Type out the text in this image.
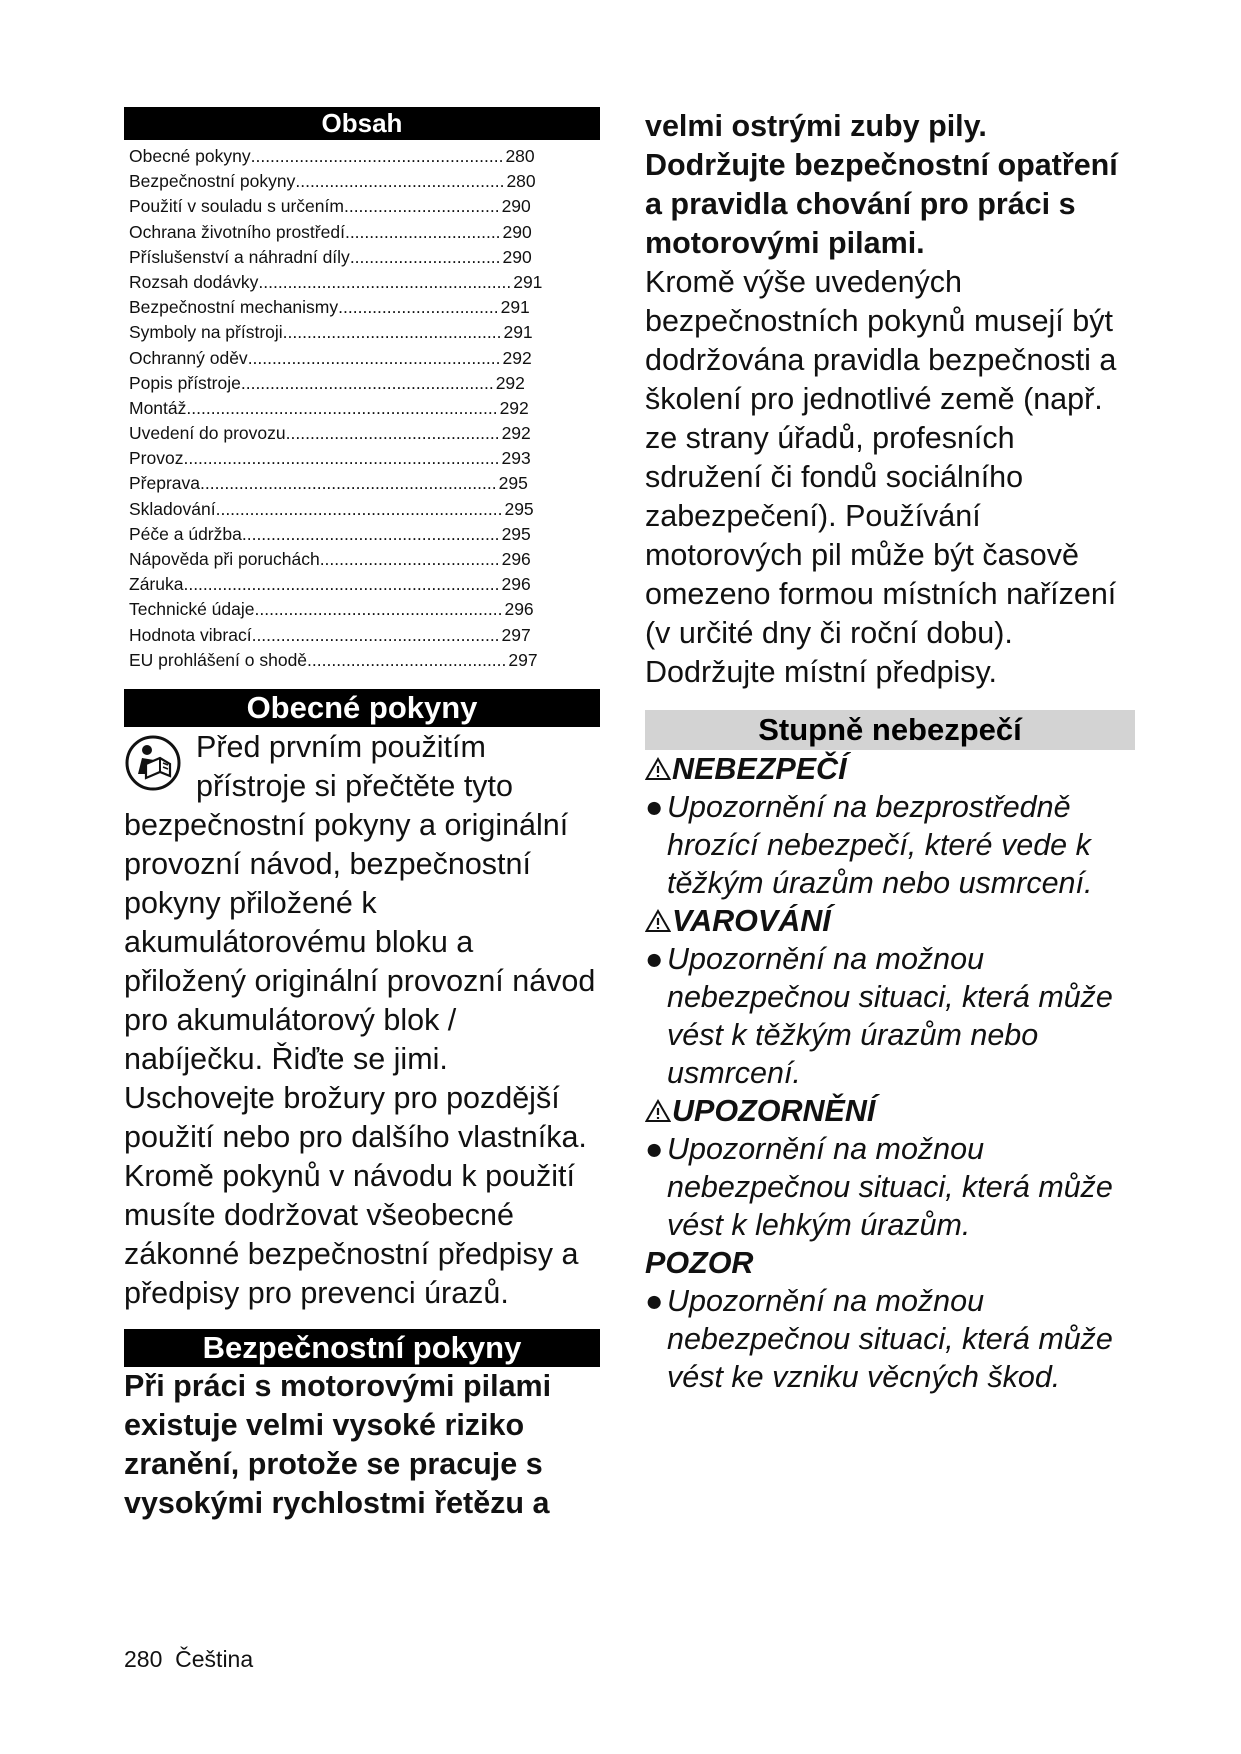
Obsah
Obecné pokyny .................................................... 280
Bezpečnostní pokyny ........................................... 280
Použití v souladu s určením ................................ 290
Ochrana životního prostředí ................................ 290
Příslušenství a náhradní díly ............................... 290
Rozsah dodávky .................................................... 291
Bezpečnostní mechanismy ................................. 291
Symboly na přístroji ............................................. 291
Ochranný oděv .................................................... 292
Popis přístroje .................................................... 292
Montáž ................................................................ 292
Uvedení do provozu ............................................ 292
Provoz ................................................................. 293
Přeprava ............................................................. 295
Skladování ........................................................... 295
Péče a údržba ..................................................... 295
Nápověda při poruchách ..................................... 296
Záruka ................................................................. 296
Technické údaje ................................................... 296
Hodnota vibrací ................................................... 297
EU prohlášení o shodě ......................................... 297
Obecné pokyny
Před prvním použitím přístroje si přečtěte tyto bezpečnostní pokyny a originální provozní návod, bezpečnostní pokyny přiložené k akumulátorovému bloku a přiložený originální provozní návod pro akumulátorový blok / nabíječku. Řiďte se jimi. Uschovejte brožury pro pozdější použití nebo pro dalšího vlastníka.
Kromě pokynů v návodu k použití musíte dodržovat všeobecné zákonné bezpečnostní předpisy a předpisy pro prevenci úrazů.
Bezpečnostní pokyny
Při práci s motorovými pilami existuje velmi vysoké riziko zranění, protože se pracuje s vysokými rychlostmi řetězu a
velmi ostrými zuby pily. Dodržujte bezpečnostní opatření a pravidla chování pro práci s motorovými pilami.
Kromě výše uvedených bezpečnostních pokynů musejí být dodržována pravidla bezpečnosti a školení pro jednotlivé země (např. ze strany úřadů, profesních sdružení či fondů sociálního zabezpečení). Používání motorových pil může být časově omezeno formou místních nařízení (v určité dny či roční dobu). Dodržujte místní předpisy.
Stupně nebezpečí
NEBEZPEČÍ
● Upozornění na bezprostředně hrozící nebezpečí, které vede k těžkým úrazům nebo usmrcení.
VAROVÁNÍ
● Upozornění na možnou nebezpečnou situaci, která může vést k těžkým úrazům nebo usmrcení.
UPOZORNĚNÍ
● Upozornění na možnou nebezpečnou situaci, která může vést k lehkým úrazům.
POZOR
● Upozornění na možnou nebezpečnou situaci, která může vést ke vzniku věcných škod.
280 Čeština
